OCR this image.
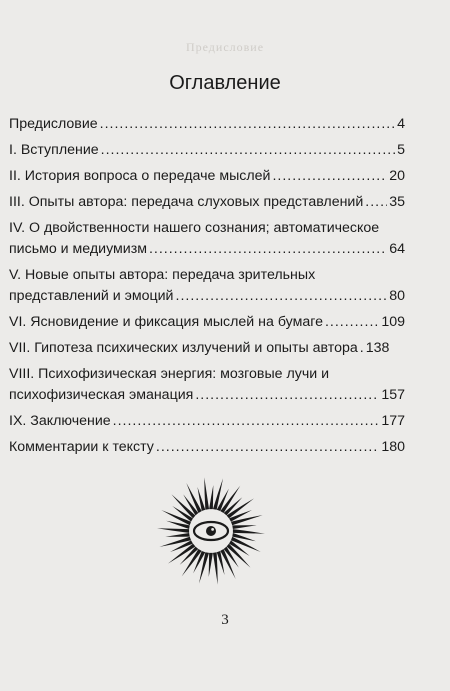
Предисловие
Оглавление
Предисловие .....	4
I. Вступление .....	5
II. История вопроса о передаче мыслей .....	20
III. Опыты автора: передача слуховых представлений ..... 35
IV. О двойственности нашего сознания; автоматическое
письмо и медиумизм .....	64
V. Новые опыты автора: передача зрительных
представлений и эмоций .....	80
VI. Ясновидение и фиксация мыслей на бумаге .....	109
VII. Гипотеза психических излучений и опыты автора ..... 138
VIII. Психофизическая энергия: мозговые лучи и
психофизическая эманация .....	157
IX. Заключение .....	177
Комментарии к тексту .....	180
3
